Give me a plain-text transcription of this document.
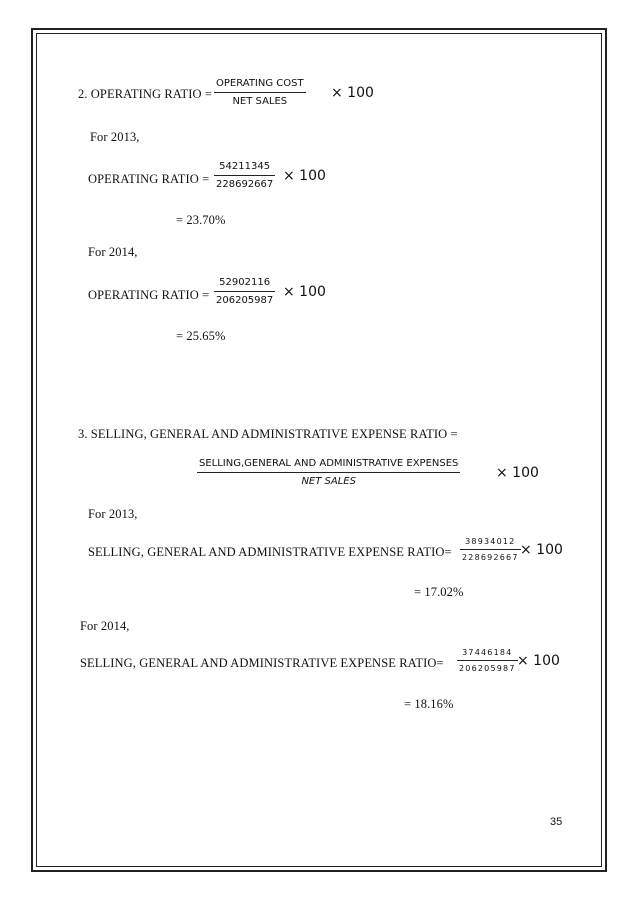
2. OPERATING RATIO =
OPERATING COST
NET SALES
× 100
For 2013,
OPERATING RATIO =
54211345
228692667
× 100
= 23.70%
For 2014,
OPERATING RATIO =
52902116
206205987
× 100
= 25.65%
3. SELLING, GENERAL AND ADMINISTRATIVE EXPENSE RATIO =
SELLING,GENERAL AND ADMINISTRATIVE EXPENSES
NET SALES
× 100
For 2013,
SELLING, GENERAL AND ADMINISTRATIVE EXPENSE RATIO=
38934012
228692667 × 100
= 17.02%
For 2014,
SELLING, GENERAL AND ADMINISTRATIVE EXPENSE RATIO=
37446184
206205987 × 100
= 18.16%
35
